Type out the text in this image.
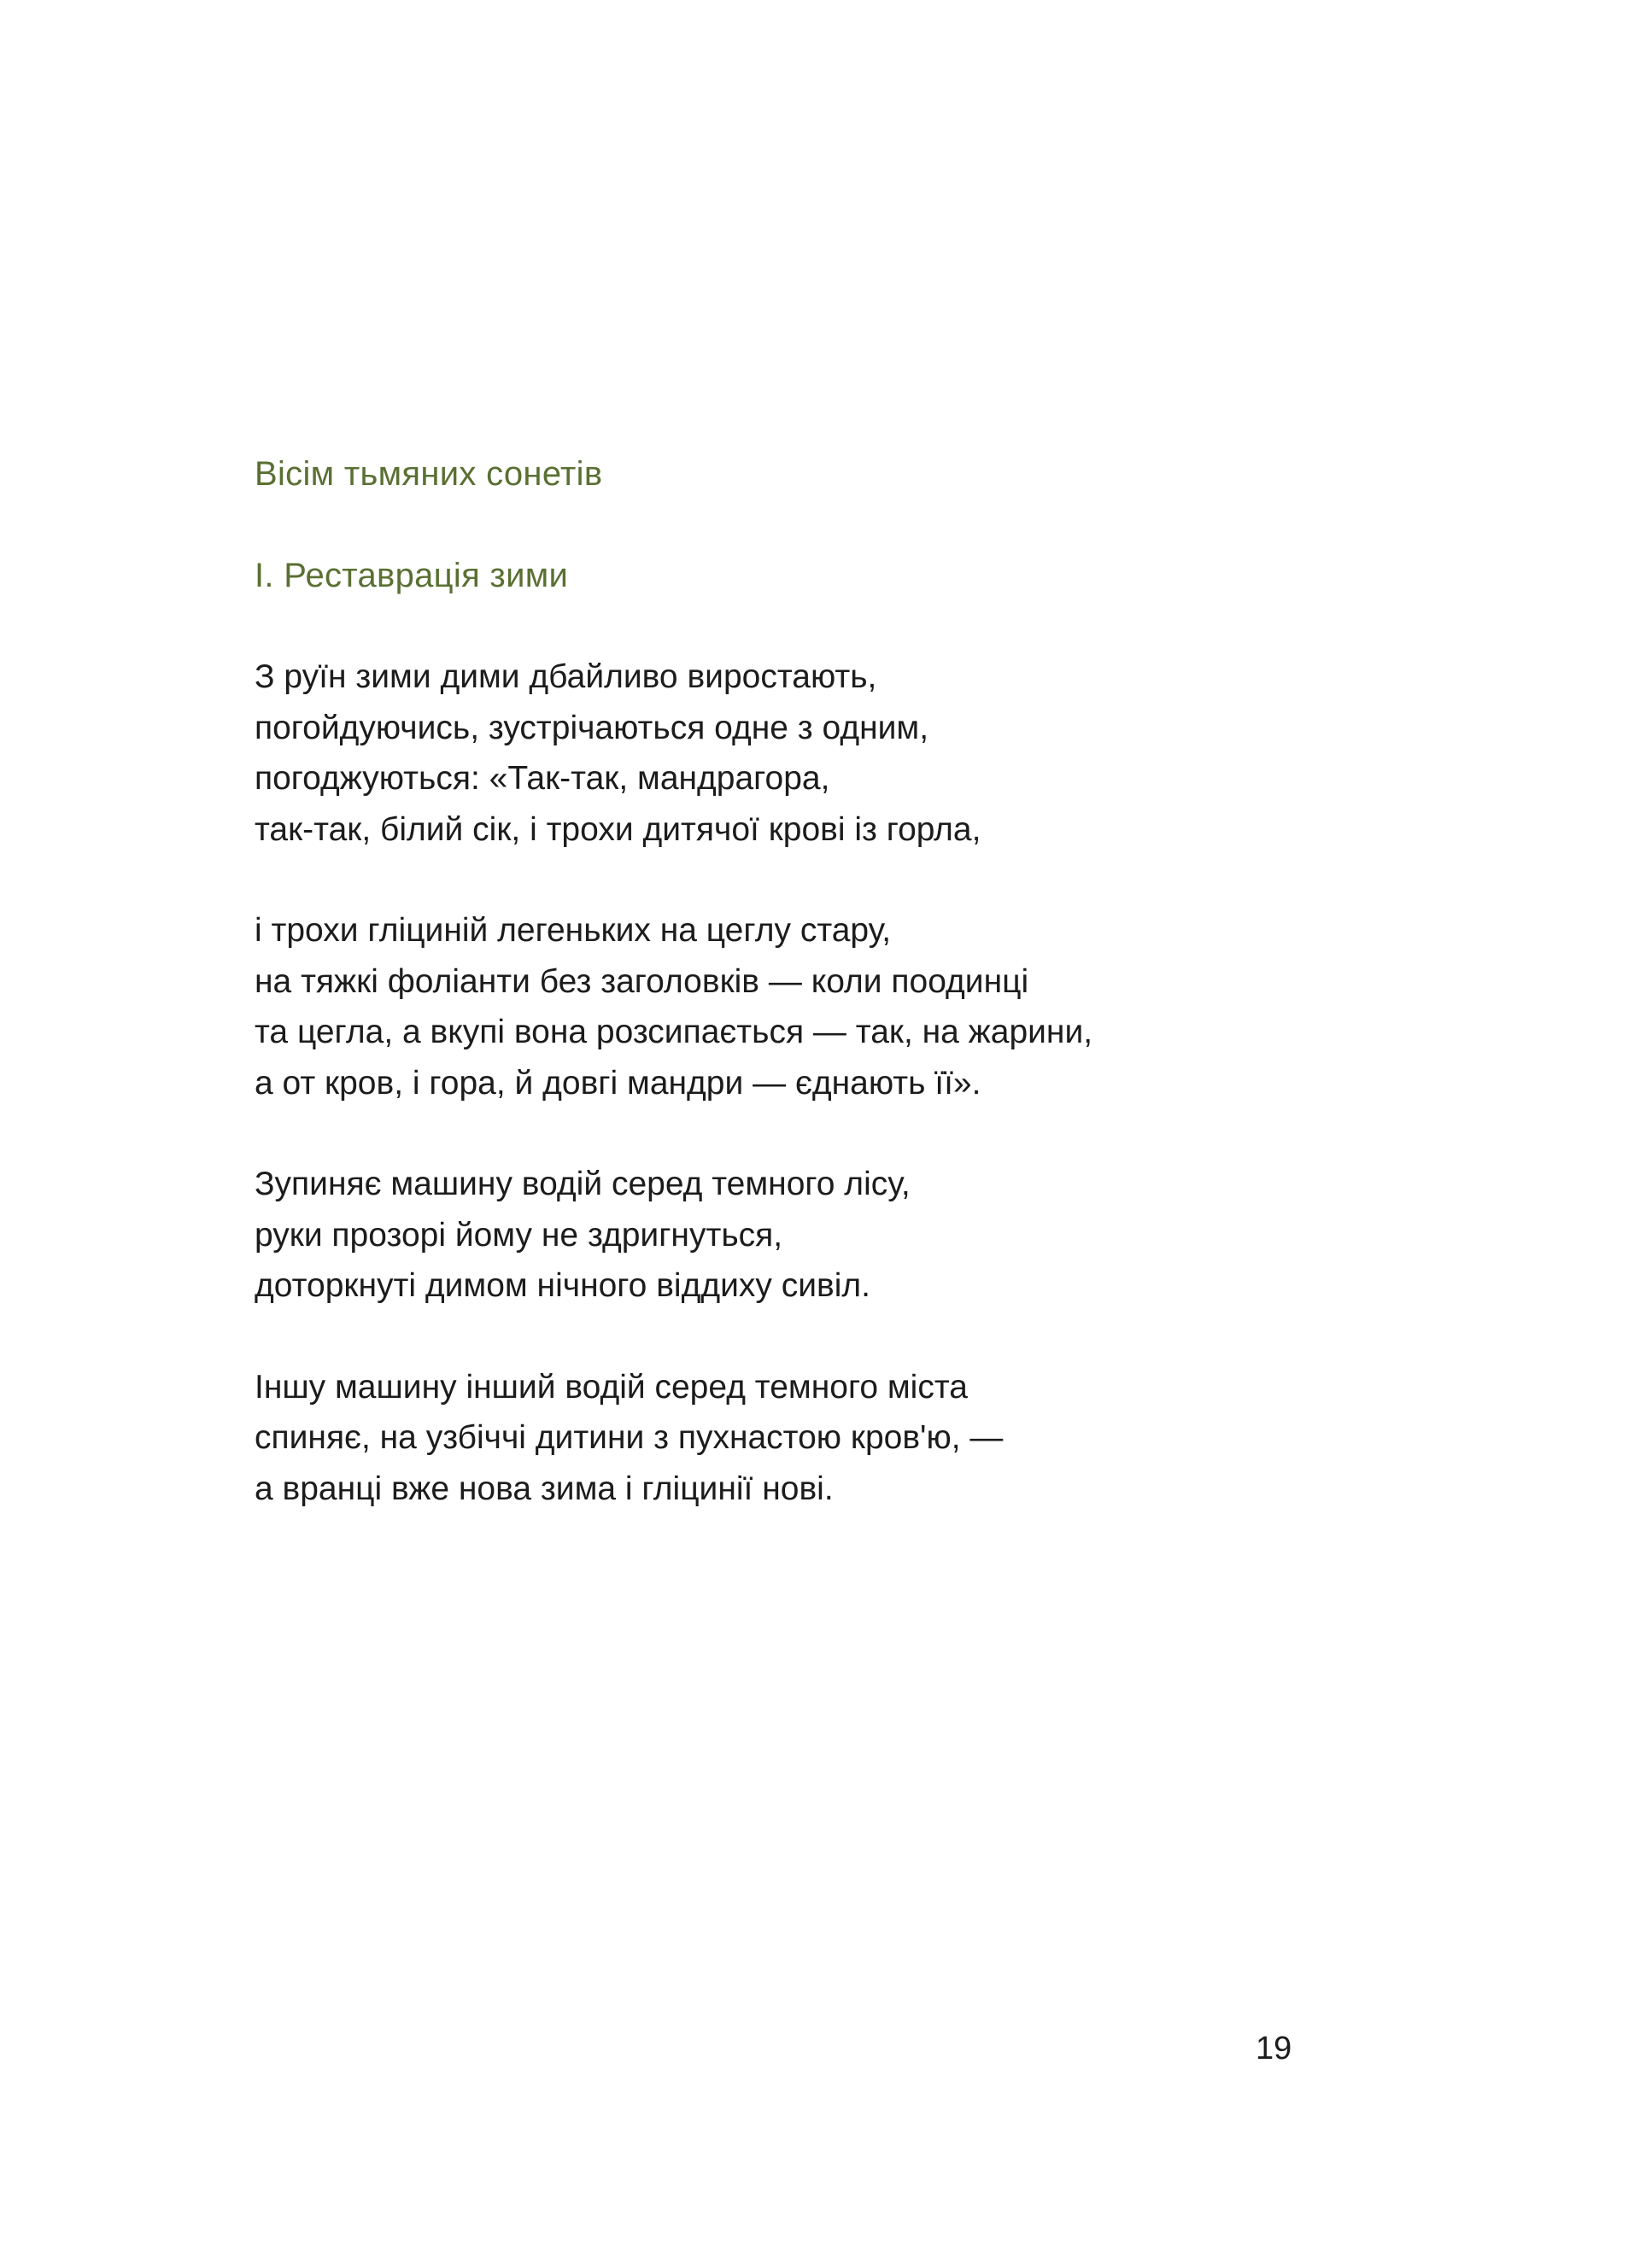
Вісім тьмяних сонетів
I. Реставрація зими

З руїн зими дими дбайливо виростають,
погойдуючись, зустрічаються одне з одним,
погоджуються: «Так-так, мандрагора,
так-так, білий сік, і трохи дитячої крові із горла,

і трохи гліциній легеньких на цеглу стару,
на тяжкі фоліанти без заголовків — коли поодинці
та цегла, а вкупі вона розсипається — так, на жарини,
а от кров, і гора, й довгі мандри — єднають її».

Зупиняє машину водій серед темного лісу,
руки прозорі йому не здригнуться,
доторкнуті димом нічного віддиху сивіл.

Іншу машину інший водій серед темного міста
спиняє, на узбіччі дитини з пухнастою кров'ю, —
а вранці вже нова зима і гліцинії нові.

19
